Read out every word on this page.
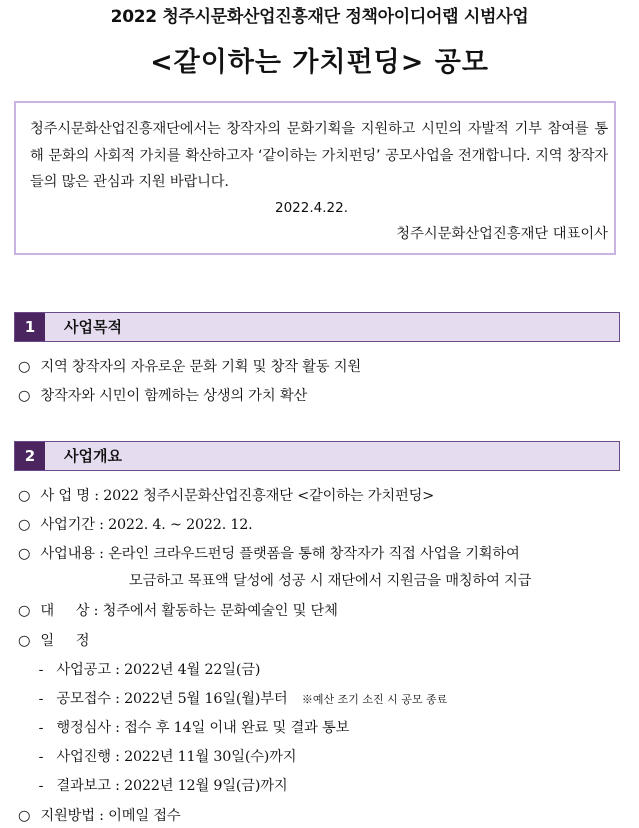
2022 청주시문화산업진흥재단 정책아이디어랩 시범사업
<같이하는 가치펀딩> 공모
청주시문화산업진흥재단에서는 창작자의 문화기획을 지원하고 시민의 자발적 기부 참여를 통해 문화의 사회적 가치를 확산하고자 ‘같이하는 가치펀딩’ 공모사업을 전개합니다. 지역 창작자들의 많은 관심과 지원 바랍니다.
2022.4.22.
청주시문화산업진흥재단 대표이사
1	사업목적
○ 지역 창작자의 자유로운 문화 기획 및 창작 활동 지원
○ 창작자와 시민이 함께하는 상생의 가치 확산
2	사업개요
○ 사 업 명 : 2022 청주시문화산업진흥재단 <같이하는 가치펀딩>
○ 사업기간 : 2022. 4. ~ 2022. 12.
○ 사업내용 : 온라인 크라우드펀딩 플랫폼을 통해 창작자가 직접 사업을 기획하여
모금하고 목표액 달성에 성공 시 재단에서 지원금을 매칭하여 지급
○ 대     상 : 청주에서 활동하는 문화예술인 및 단체
○ 일     정
- 사업공고 : 2022년 4월 22일(금)
- 공모접수 : 2022년 5월 16일(월)부터 ※예산 조기 소진 시 공모 종료
- 행정심사 : 접수 후 14일 이내 완료 및 결과 통보
- 사업진행 : 2022년 11월 30일(수)까지
- 결과보고 : 2022년 12월 9일(금)까지
○ 지원방법 : 이메일 접수
